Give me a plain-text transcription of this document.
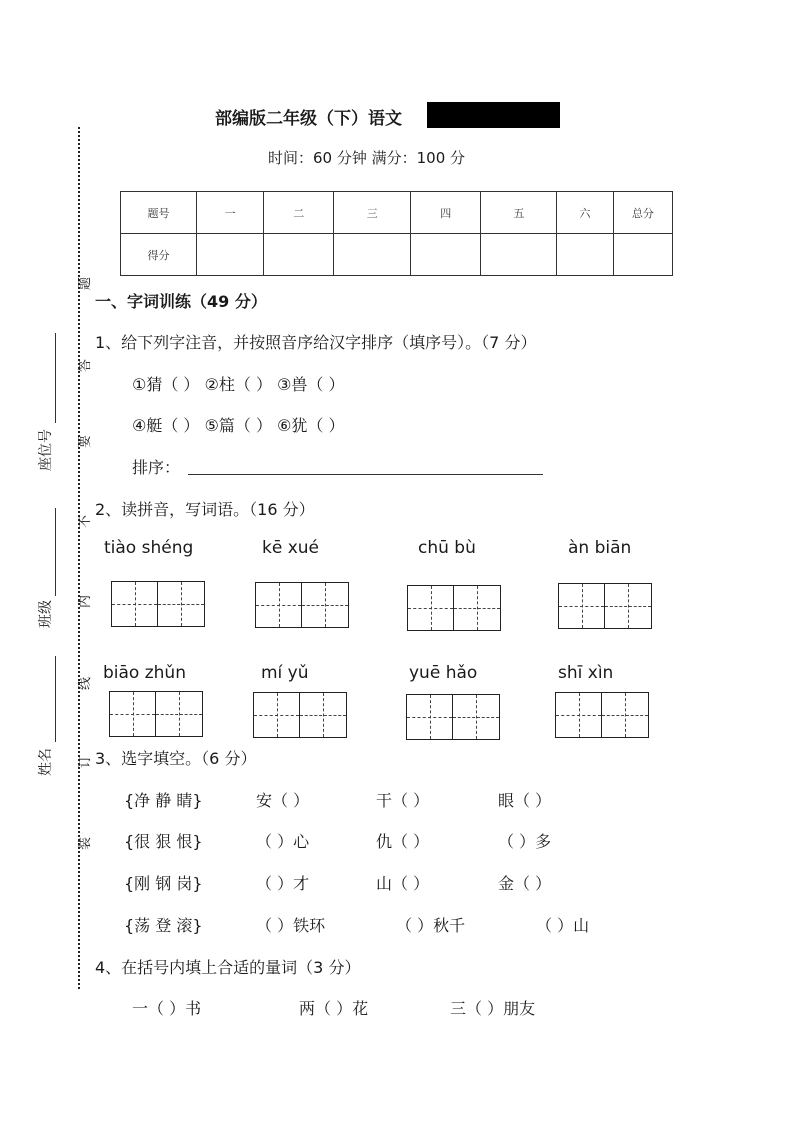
题
答
要
不
内
线
订
装
座位号
班级
姓名
部编版二年级（下）语文
时间：60 分钟 满分：100 分
题号	一	二	三	四	五	六	总分
得分							
一、字词训练（49 分）
1、给下列字注音，并按照音序给汉字排序（填序号）。（7 分）
①猜（ ） ②柱（ ） ③兽（ ）
④艇（ ） ⑤篇（ ） ⑥犹（ ）
排序：
2、读拼音，写词语。（16 分）
tiào shéng	kē xué	chū bù	àn biān
biāo zhǔn	mí yǔ	yuē hǎo	shī xìn
3、选字填空。（6 分）
{净 静 睛}	安（ ）	干（ ）	眼（ ）
{很 狠 恨}	（ ）心	仇（ ）	（ ）多
{刚 钢 岗}	（ ）才	山（ ）	金（ ）
{荡 登 滚}	（ ）铁环	（ ）秋千	（ ）山
4、在括号内填上合适的量词（3 分）
一（ ）书	两（ ）花	三（ ）朋友
